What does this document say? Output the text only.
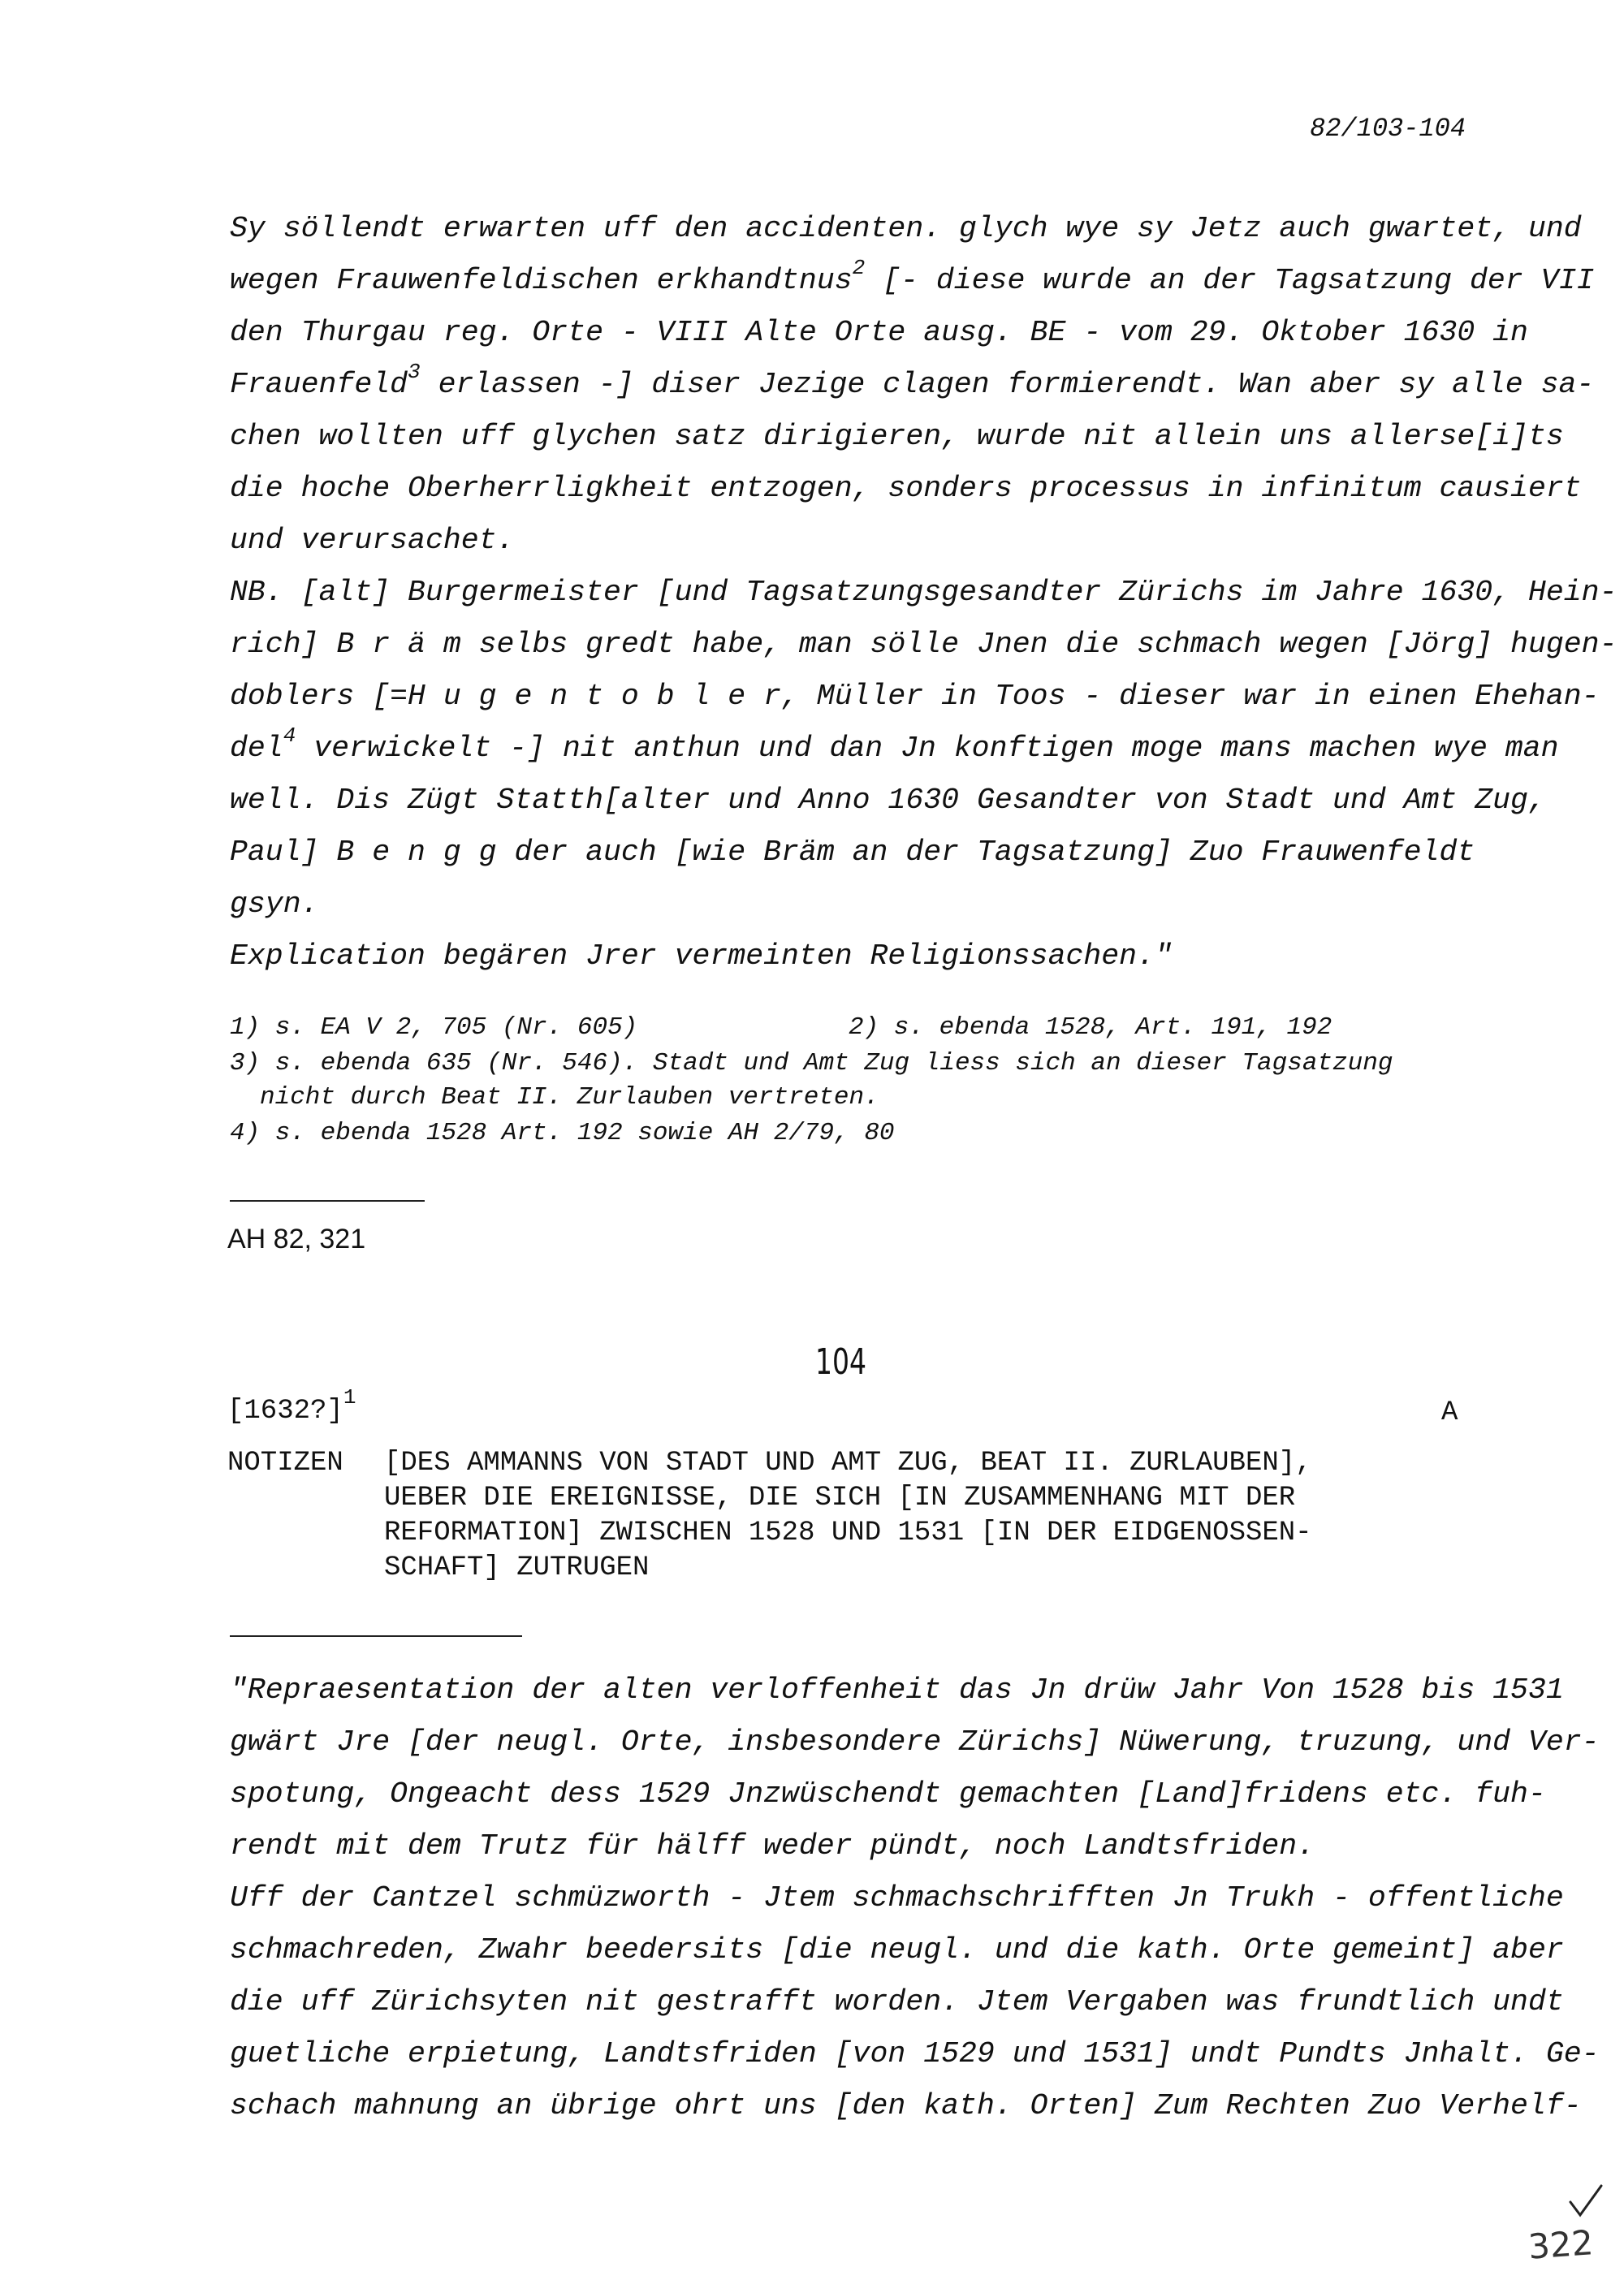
82/103-104
Sy söllendt erwarten uff den accidenten. glych wye sy Jetz auch gwartet, und
wegen Frauwenfeldischen erkhandtnus$^2$ [- diese wurde an der Tagsatzung der VII
den Thurgau reg. Orte - VIII Alte Orte ausg. BE - vom 29. Oktober 1630 in
Frauenfeld$^3$ erlassen -] diser Jezige clagen formierendt. Wan aber sy alle sa-
chen wollten uff glychen satz dirigieren, wurde nit allein uns allerse[i]ts
die hoche Oberherrligkheit entzogen, sonders processus in infinitum causiert
und verursachet.
NB. [alt] Burgermeister [und Tagsatzungsgesandter Zürichs im Jahre 1630, Hein-
rich] B r ä m selbs gredt habe, man sölle Jnen die schmach wegen [Jörg] hugen-
doblers [=H u g e n t o b l e r, Müller in Toos - dieser war in einen Ehehan-
del$^4$ verwickelt -] nit anthun und dan Jn konftigen moge mans machen wye man
well. Dis Zügt Statth[alter und Anno 1630 Gesandter von Stadt und Amt Zug,
Paul] B e n g g der auch [wie Bräm an der Tagsatzung] Zuo Frauwenfeldt
gsyn.
Explication begären Jrer vermeinten Religionssachen."
1) s. EA V 2, 705 (Nr. 605)	2) s. ebenda 1528, Art. 191, 192
3) s. ebenda 635 (Nr. 546). Stadt und Amt Zug liess sich an dieser Tagsatzung
nicht durch Beat II. Zurlauben vertreten.
4) s. ebenda 1528 Art. 192 sowie AH 2/79, 80
AH 82, 321
104
[1632?]$^1$	A
NOTIZEN [DES AMMANNS VON STADT UND AMT ZUG, BEAT II. ZURLAUBEN],
UEBER DIE EREIGNISSE, DIE SICH [IN ZUSAMMENHANG MIT DER
REFORMATION] ZWISCHEN 1528 UND 1531 [IN DER EIDGENOSSEN-
SCHAFT] ZUTRUGEN
"Repraesentation der alten verloffenheit das Jn drüw Jahr Von 1528 bis 1531
gwärt Jre [der neugl. Orte, insbesondere Zürichs] Nüwerung, truzung, und Ver-
spotung, Ongeacht dess 1529 Jnzwüschendt gemachten [Land]fridens etc. fuh-
rendt mit dem Trutz für hälff weder pündt, noch Landtsfriden.
Uff der Cantzel schmüzworth - Jtem schmachschrifften Jn Trukh - offentliche
schmachreden, Zwahr beedersits [die neugl. und die kath. Orte gemeint] aber
die uff Zürichsyten nit gestrafft worden. Jtem Vergaben was frundtlich undt
guetliche erpietung, Landtsfriden [von 1529 und 1531] undt Pundts Jnhalt. Ge-
schach mahnung an übrige ohrt uns [den kath. Orten] Zum Rechten Zuo Verhelf-
322
